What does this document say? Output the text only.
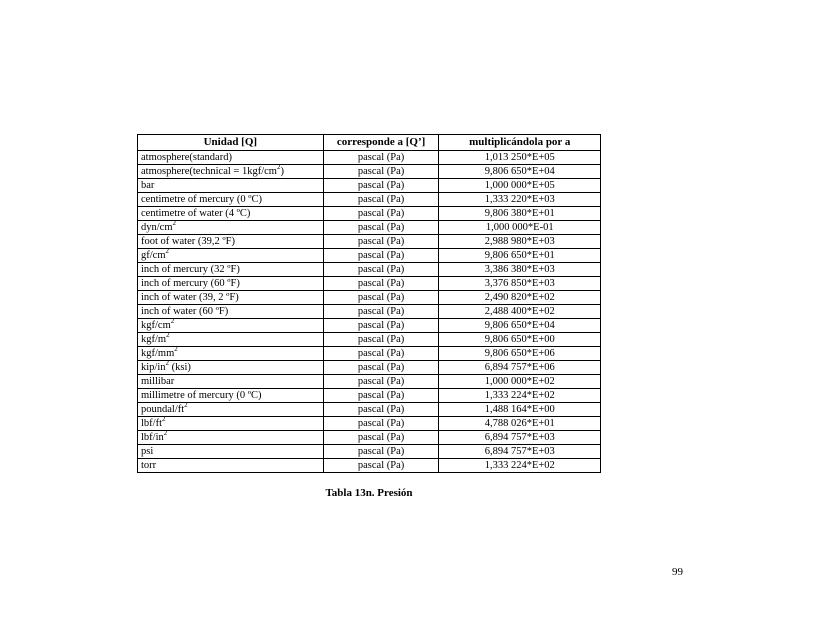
Unidad [Q]	corresponde a [Q’]	multiplicándola por a
atmosphere(standard)	pascal (Pa)	1,013 250*E+05
atmosphere(technical = $1kgf/cm^2$)	pascal (Pa)	9,806 650*E+04
bar	pascal (Pa)	1,000 000*E+05
centimetre of mercury (0 ºC)	pascal (Pa)	1,333 220*E+03
centimetre of water (4 ºC)	pascal (Pa)	9,806 380*E+01
dyn/$cm^2$	pascal (Pa)	1,000 000*E-01
foot of water (39,2 ºF)	pascal (Pa)	2,988 980*E+03
$gf/cm^2$	pascal (Pa)	9,806 650*E+01
inch of mercury (32 ºF)	pascal (Pa)	3,386 380*E+03
inch of mercury (60 ºF)	pascal (Pa)	3,376 850*E+03
inch of water (39, 2 ºF)	pascal (Pa)	2,490 820*E+02
inch of water (60 ºF)	pascal (Pa)	2,488 400*E+02
kgf/$cm^2$	pascal (Pa)	9,806 650*E+04
kgf/$m^2$	pascal (Pa)	9,806 650*E+00
kgf/$mm^2$	pascal (Pa)	9,806 650*E+06
kip/$in^2$ (ksi)	pascal (Pa)	6,894 757*E+06
millibar	pascal (Pa)	1,000 000*E+02
millimetre of mercury (0 ºC)	pascal (Pa)	1,333 224*E+02
poundal/$ft^2$	pascal (Pa)	1,488 164*E+00
lbf/$ft^2$	pascal (Pa)	4,788 026*E+01
lbf/$in^2$	pascal (Pa)	6,894 757*E+03
psi	pascal (Pa)	6,894 757*E+03
torr	pascal (Pa)	1,333 224*E+02
Tabla 13n. Presión
99
